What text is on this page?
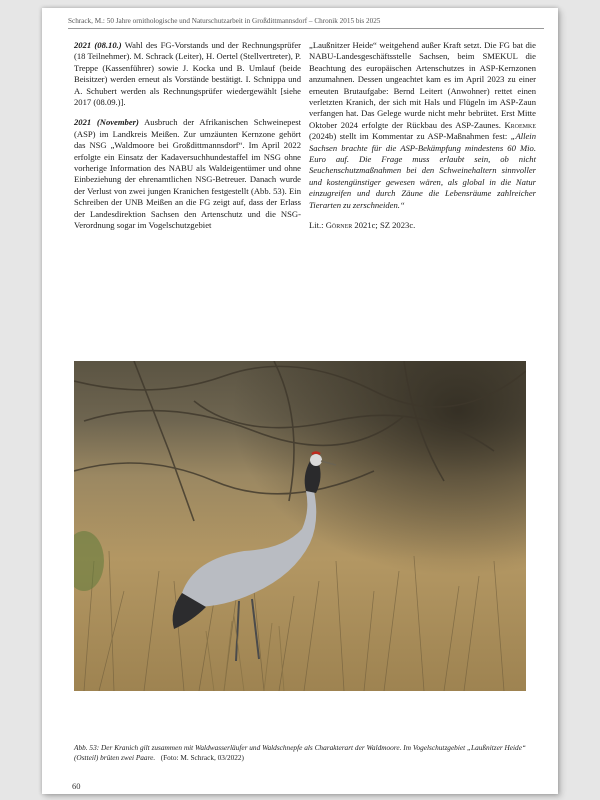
Schrack, M.: 50 Jahre ornithologische und Naturschutzarbeit in Großdittmannsdorf – Chronik 2015 bis 2025

2021 (08.10.) Wahl des FG-Vorstands und der Rechnungsprüfer (18 Teilnehmer). M. Schrack (Leiter), H. Oertel (Stellvertreter), P. Treppe (Kassenführer) sowie J. Kocka und B. Umlauf (beide Beisitzer) werden erneut als Vorstände bestätigt. I. Schnippa und A. Schubert werden als Rechnungsprüfer wiedergewählt [siehe 2017 (08.09.)].

2021 (November) Ausbruch der Afrikanischen Schweinepest (ASP) im Landkreis Meißen. Zur umzäunten Kernzone gehört das NSG „Waldmoore bei Großdittmannsdorf“. Im April 2022 erfolgte ein Einsatz der Kadaversuchhundestaffel im NSG ohne vorherige Information des NABU als Waldeigentümer und ohne Einbeziehung der ehrenamtlichen NSG-Betreuer. Danach wurde der Verlust von zwei jungen Kranichen festgestellt (Abb. 53). Ein Schreiben der UNB Meißen an die FG zeigt auf, dass der Erlass der Landesdirektion Sachsen den Artenschutz und die NSG-Verordnung sogar im Vogelschutzgebiet

„Laußnitzer Heide“ weitgehend außer Kraft setzt. Die FG bat die NABU-Landesgeschäftsstelle Sachsen, beim SMEKUL die Beachtung des europäischen Artenschutzes in ASP-Kernzonen anzumahnen. Dessen ungeachtet kam es im April 2023 zu einer erneuten Brutaufgabe: Bernd Leitert (Anwohner) rettet einen verletzten Kranich, der sich mit Hals und Flügeln im ASP-Zaun verfangen hat. Das Gelege wurde nicht mehr bebrütet. Erst Mitte Oktober 2024 erfolgte der Rückbau des ASP-Zaunes. Kroemke (2024b) stellt im Kommentar zu ASP-Maßnahmen fest: „Allein Sachsen brachte für die ASP-Bekämpfung mindestens 60 Mio. Euro auf. Die Frage muss erlaubt sein, ob nicht Seuchenschutzmaßnahmen bei den Schweinehaltern sinnvoller und kostengünstiger gewesen wären, als global in die Natur einzugreifen und durch Zäune die Lebensräume zahlreicher Tierarten zu zerschneiden.“

Lit.: Görner 2021c; SZ 2023c.

Abb. 53: Der Kranich gilt zusammen mit Waldwasserläufer und Waldschnepfe als Charakterart der Waldmoore. Im Vogelschutzgebiet „Laußnitzer Heide“ (Ostteil) brüten zwei Paare. (Foto: M. Schrack, 03/2022)
60
